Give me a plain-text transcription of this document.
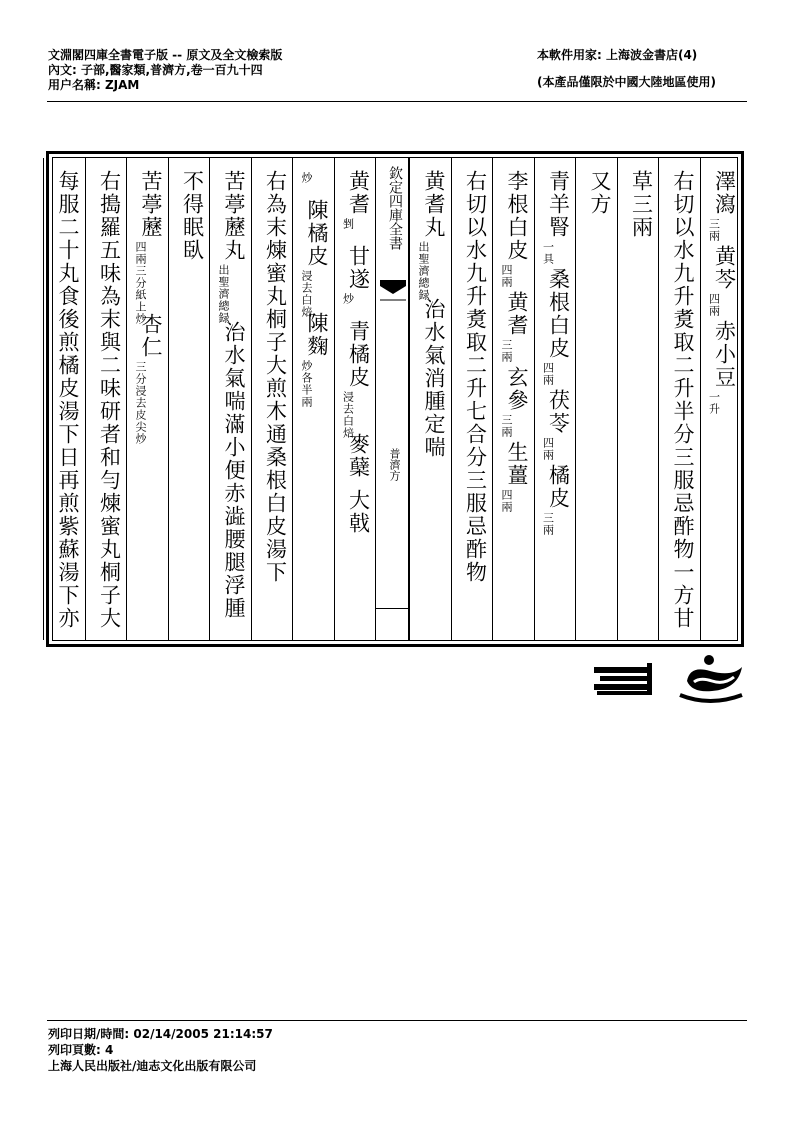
文淵閣四庫全書電子版 -- 原文及全文檢索版
內文: 子部,醫家類,普濟方,卷一百九十四
用户名稱: ZJAM
本軟件用家: 上海波金書店(4)
(本產品僅限於中國大陸地區使用)
澤瀉
三兩
黄芩
四兩
赤小豆
一升
右切以水九升煑取二升半分三服忌酢物一方甘
草三兩
又方
青羊腎
一具
桑根白皮
四兩
茯苓
四兩
橘皮
三兩
李根白皮
四兩
黄耆
三兩
玄參
三兩
生薑
四兩
右切以水九升煑取二升七合分三服忌酢物
黄耆丸
出聖濟總録
治水氣消腫定喘
黄耆
剉
甘遂
炒
青橘皮
浸去白焙
麥蘖
大戟
炒
陳橘皮
浸去白焙
陳麴
炒各半兩
右為末煉蜜丸桐子大煎木通桑根白皮湯下
苦葶藶丸
出聖濟總録
治水氣喘滿小便赤澁腰腿浮腫
不得眠臥
苦葶藶
四兩三分紙上炒
杏仁
三分浸去皮尖炒
右搗羅五味為末與二味研者和勻煉蜜丸桐子大
每服二十丸食後煎橘皮湯下日再煎紫蘇湯下亦	欽定四庫全書
普濟方
列印日期/時間: 02/14/2005 21:14:57
列印頁數: 4
上海人民出版社/迪志文化出版有限公司
